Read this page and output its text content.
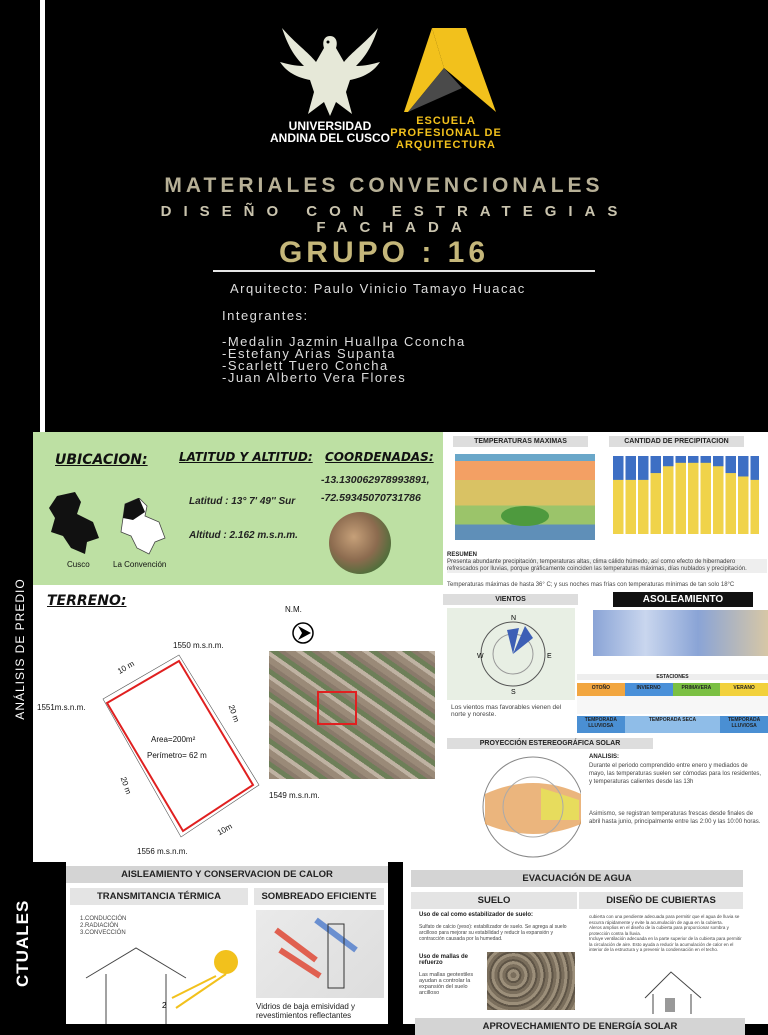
UNIVERSIDAD ANDINA DEL CUSCO
ESCUELA PROFESIONAL DE ARQUITECTURA
MATERIALES CONVENCIONALES
DISEÑO CON ESTRATEGIAS FACHADA
GRUPO : 16
Arquitecto: Paulo Vinicio Tamayo Huacac
Integrantes:
-Medalin Jazmin Huallpa Cconcha
-Estefany Arias Supanta
-Scarlett Tuero Concha
-Juan Alberto Vera Flores
ANÁLISIS DE PREDIO
UBICACION:	LATITUD Y ALTITUD: COORDENADAS:
Latitud : 13° 7' 49'' Sur
Altitud : 2.162 m.s.n.m.
-13.130062978993891,
-72.59345070731786
Cusco	La Convención
TERRENO:
N.M.
1550 m.s.n.m.
1551m.s.n.m.
1549 m.s.n.m.
1556 m.s.n.m.
10 m
20 m
20 m
10m
Area=200m²
Perímetro= 62 m
TEMPERATURAS MAXIMAS	CANTIDAD DE PRECIPITACION
RESUMEN
Presenta abundante precipitación, temperaturas altas, clima cálido húmedo, así como efecto de hibernadero refrescados por lluvias, porque gráficamente coinciden las temperaturas máximas, días nublados y precipitación.
Temperaturas máximas de hasta 36° C; y sus noches mas frías con temperaturas mínimas de tan solo 18°C
VIENTOS
N
W	E
S
Los vientos mas favorables vienen del norte y noreste.
ASOLEAMIENTO
ESTACIONES
OTOÑO	INVIERNO	PRIMAVERA	VERANO
TEMPORADA LLUVIOSA
TEMPORADA SECA	TEMPORADA LLUVIOSA
PROYECCIÓN ESTEREOGRÁFICA SOLAR
ANALISIS:
Durante el periodo comprendido entre enero y mediados de mayo, las temperaturas suelen ser cómodas para los residentes, y temperaturas calientes desde las 13h
Asimismo, se registran temperaturas frescas desde finales de abril hasta junio, principalmente entre las 2:00 y las 10:00 horas.
CTUALES
AISLEAMIENTO Y CONSERVACION DE CALOR
TRANSMITANCIA TÉRMICA	SOMBREADO EFICIENTE
1.CONDUCCIÓN
2.RADIACIÓN
3.CONVECCIÓN
2	Vidrios de baja emisividad y revestimientos reflectantes
EVACUACIÓN DE AGUA
SUELO	DISEÑO DE CUBIERTAS
Uso de cal como estabilizador de suelo:
Sulfato de calcio (yeso): estabilizador de suelo. Se agrega al suelo arcilloso para mejorar su estabilidad y reducir la expansión y contracción causada por la humedad.
Uso de mallas de refuerzo
Las mallas geotextiles ayudan a controlar la expansión del suelo arcilloso
cubierta con una pendiente adecuada para permitir que el agua de lluvia se escurra rápidamente y evite la acumulación de agua en la cubierta.
Aleros amplios en el diseño de la cubierta para proporcionar sombra y protección contra la lluvia.
Incluye ventilación adecuada en la parte superior de la cubierta para permitir la circulación de aire. Esto ayuda a reducir la acumulación de calor en el interior de la estructura y a prevenir la condensación en el techo.
APROVECHAMIENTO DE ENERGÍA SOLAR
